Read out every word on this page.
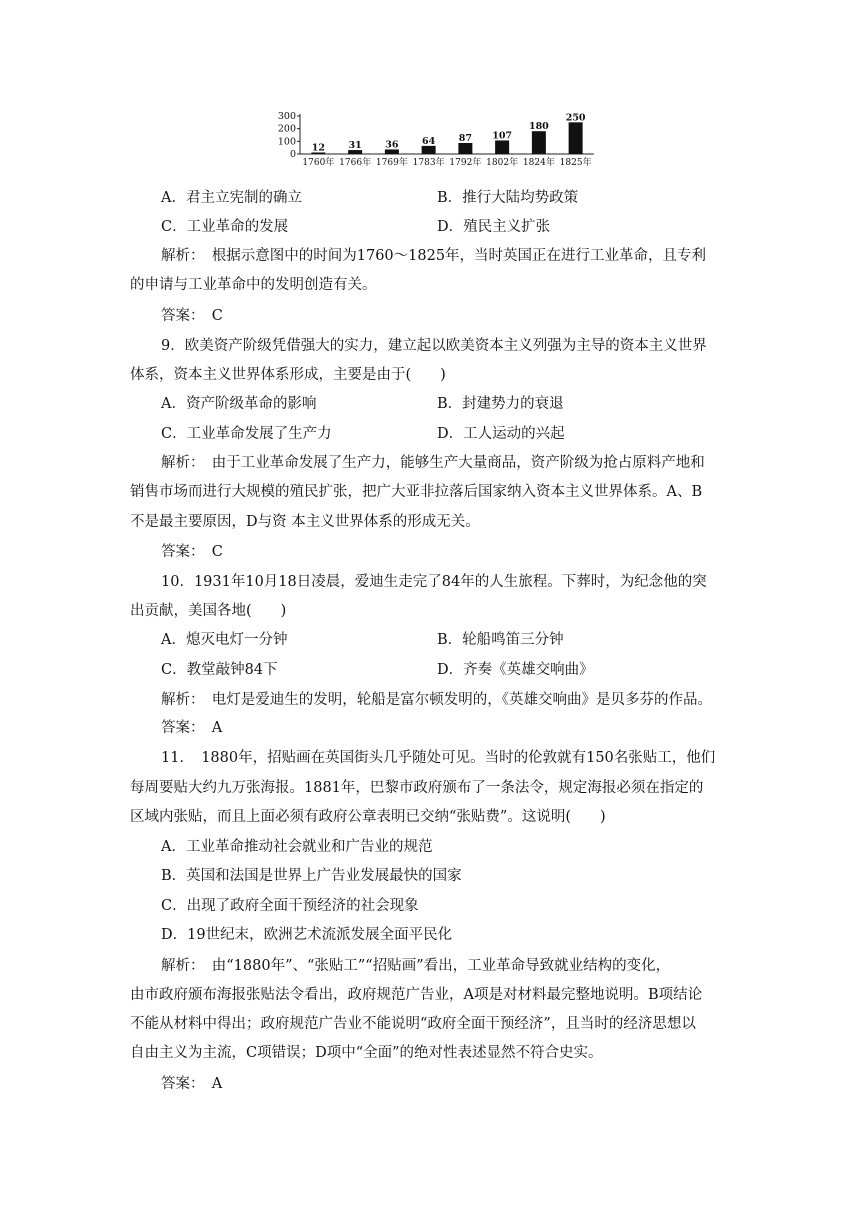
300
200
100
0
12
1760年
31
1766年
36
1769年
64
1783年
87
1792年
107
1802年
180
1824年
250
1825年
A．君主立宪制的确立	B．推行大陆均势政策
C．工业革命的发展	D．殖民主义扩张
解析：　根据示意图中的时间为1760～1825年，当时英国正在进行工业革命，且专利
的申请与工业革命中的发明创造有关。
答案：　C
9．欧美资产阶级凭借强大的实力，建立起以欧美资本主义列强为主导的资本主义世界
体系，资本主义世界体系形成，主要是由于(　　)
A．资产阶级革命的影响	B．封建势力的衰退
C．工业革命发展了生产力	D．工人运动的兴起
解析：　由于工业革命发展了生产力，能够生产大量商品，资产阶级为抢占原料产地和
销售市场而进行大规模的殖民扩张，把广大亚非拉落后国家纳入资本主义世界体系。A、B
不是最主要原因，D与资 本主义世界体系的形成无关。
答案：　C
10．1931年10月18日凌晨，爱迪生走完了84年的人生旅程。下葬时，为纪念他的突
出贡献，美国各地(　　)
A．熄灭电灯一分钟	B．轮船鸣笛三分钟
C．教堂敲钟84下	D．齐奏《英雄交响曲》
解析：　电灯是爱迪生的发明，轮船是富尔顿发明的，《英雄交响曲》是贝多芬的作品。
答案：　A
11．　1880年，招贴画在英国街头几乎随处可见。当时的伦敦就有150名张贴工，他们
每周要贴大约九万张海报。1881年，巴黎市政府颁布了一条法令，规定海报必须在指定的
区域内张贴，而且上面必须有政府公章表明已交纳“张贴费”。这说明(　　)
A．工业革命推动社会就业和广告业的规范
B．英国和法国是世界上广告业发展最快的国家
C．出现了政府全面干预经济的社会现象
D．19世纪末，欧洲艺术流派发展全面平民化
解析：　由“1880年”、“张贴工”“招贴画”看出，工业革命导致就业结构的变化，
由市政府颁布海报张贴法令看出，政府规范广告业，A项是对材料最完整地说明。B项结论
不能从材料中得出；政府规范广告业不能说明“政府全面干预经济”，且当时的经济思想以
自由主义为主流，C项错误；D项中“全面”的绝对性表述显然不符合史实。
答案：　A
